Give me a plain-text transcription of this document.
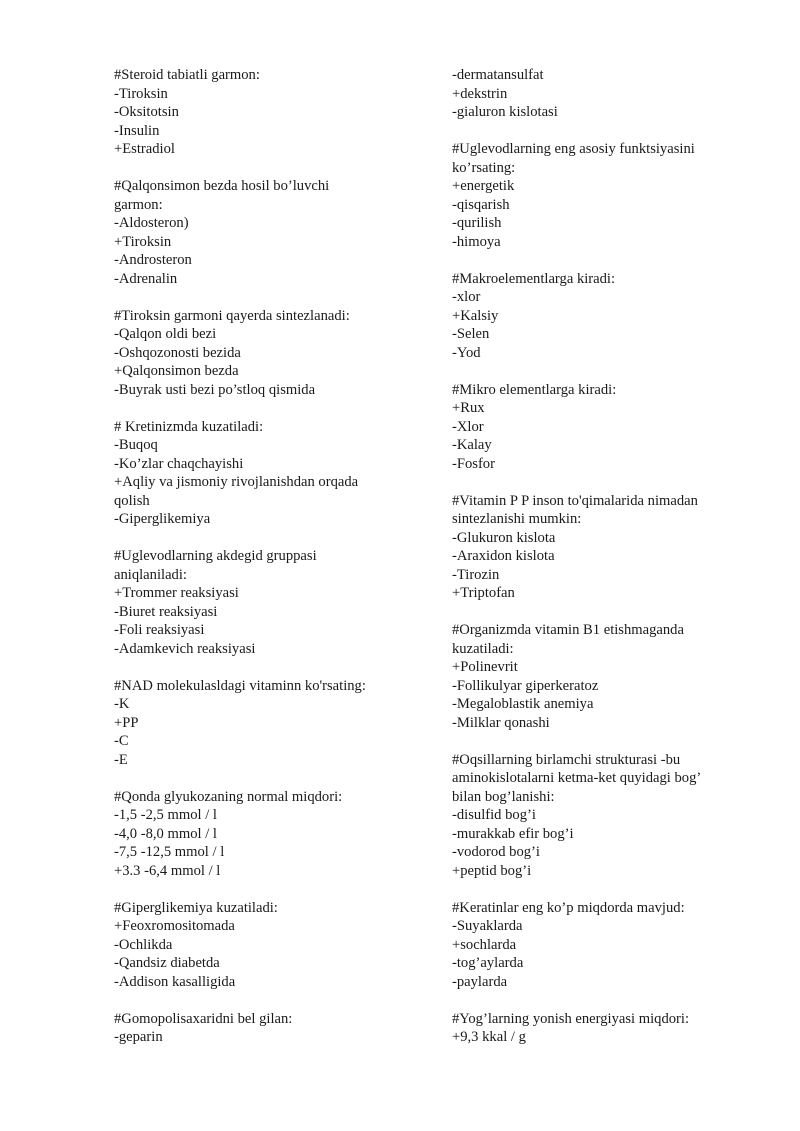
#Steroid tabiatli garmon:
-Tiroksin
-Oksitotsin
-Insulin
+Estradiol
#Qalqonsimon bezda hosil bo’luvchi
garmon:
-Aldosteron)
+Tiroksin
-Androsteron
-Adrenalin
#Tiroksin garmoni qayerda sintezlanadi:
-Qalqon oldi bezi
-Oshqozonosti bezida
+Qalqonsimon bezda
-Buyrak usti bezi po’stloq qismida
# Kretinizmda kuzatiladi:
-Buqoq
-Ko’zlar chaqchayishi
+Aqliy va jismoniy rivojlanishdan orqada
qolish
-Giperglikemiya
#Uglevodlarning akdegid gruppasi
aniqlaniladi:
+Trommer reaksiyasi
-Biuret reaksiyasi
-Foli reaksiyasi
-Adamkevich reaksiyasi
#NAD molekulasldagi vitaminn ko'rsating:
-K
+PP
-C
-E
#Qonda glyukozaning normal miqdori:
-1,5 -2,5 mmol / l
-4,0 -8,0 mmol / l
-7,5 -12,5 mmol / l
+3.3 -6,4 mmol / l
#Giperglikemiya kuzatiladi:
+Feoxromositomada
-Ochlikda
-Qandsiz diabetda
-Addison kasalligida
#Gomopolisaxaridni bel gilan:
-geparin
-dermatansulfat
+dekstrin
-gialuron kislotasi
#Uglevodlarning eng asosiy funktsiyasini
ko’rsating:
+energetik
-qisqarish
-qurilish
-himoya
#Makroelementlarga kiradi:
-xlor
+Kalsiy
-Selen
-Yod
#Mikro elementlarga kiradi:
+Rux
-Xlor
-Kalay
-Fosfor
#Vitamin P P inson to'qimalarida nimadan
sintezlanishi mumkin:
-Glukuron kislota
-Araxidon kislota
-Tirozin
+Triptofan
#Organizmda vitamin B1 etishmaganda
kuzatiladi:
+Polinevrit
-Follikulyar giperkeratoz
-Megaloblastik anemiya
-Milklar qonashi
#Oqsillarning birlamchi strukturasi -bu
aminokislotalarni ketma-ket quyidagi bog’
bilan bog’lanishi:
-disulfid bog’i
-murakkab efir bog’i
-vodorod bog’i
+peptid bog’i
#Keratinlar eng ko’p miqdorda mavjud:
-Suyaklarda
+sochlarda
-tog’aylarda
-paylarda
#Yog’larning yonish energiyasi miqdori:
+9,3 kkal / g
